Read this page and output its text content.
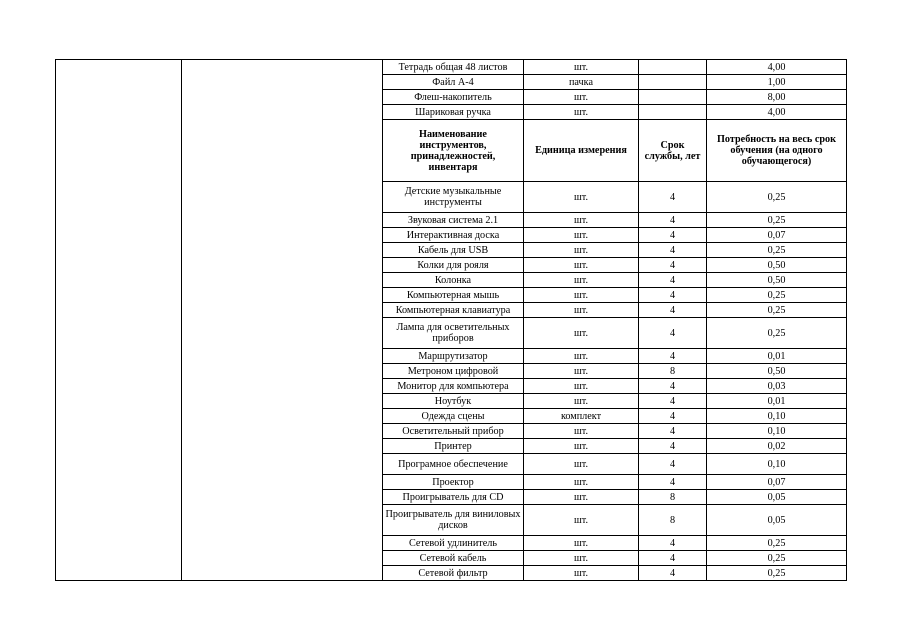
		Тетрадь общая 48 листов	шт.		4,00
		Файл А-4	пачка		1,00
		Флеш-накопитель	шт.		8,00
		Шариковая ручка	шт.		4,00
		Наименование инструментов, принадлежностей, инвентаря	Единица измерения	Срок службы, лет	Потребность на весь срок обучения (на одного обучающегося)
		Детские музыкальные инструменты	шт.	4	0,25
		Звуковая система 2.1	шт.	4	0,25
		Интерактивная доска	шт.	4	0,07
		Кабель для USB	шт.	4	0,25
		Колки для рояля	шт.	4	0,50
		Колонка	шт.	4	0,50
		Компьютерная мышь	шт.	4	0,25
		Компьютерная клавиатура	шт.	4	0,25
		Лампа для осветительных приборов	шт.	4	0,25
		Маршрутизатор	шт.	4	0,01
		Метроном цифровой	шт.	8	0,50
		Монитор для компьютера	шт.	4	0,03
		Ноутбук	шт.	4	0,01
		Одежда сцены	комплект	4	0,10
		Осветительный прибор	шт.	4	0,10
		Принтер	шт.	4	0,02
		Програмное обеспечение	шт.	4	0,10
		Проектор	шт.	4	0,07
		Проигрыватель для CD	шт.	8	0,05
		Проигрыватель для виниловых дисков	шт.	8	0,05
		Сетевой удлинитель	шт.	4	0,25
		Сетевой кабель	шт.	4	0,25
		Сетевой фильтр	шт.	4	0,25
